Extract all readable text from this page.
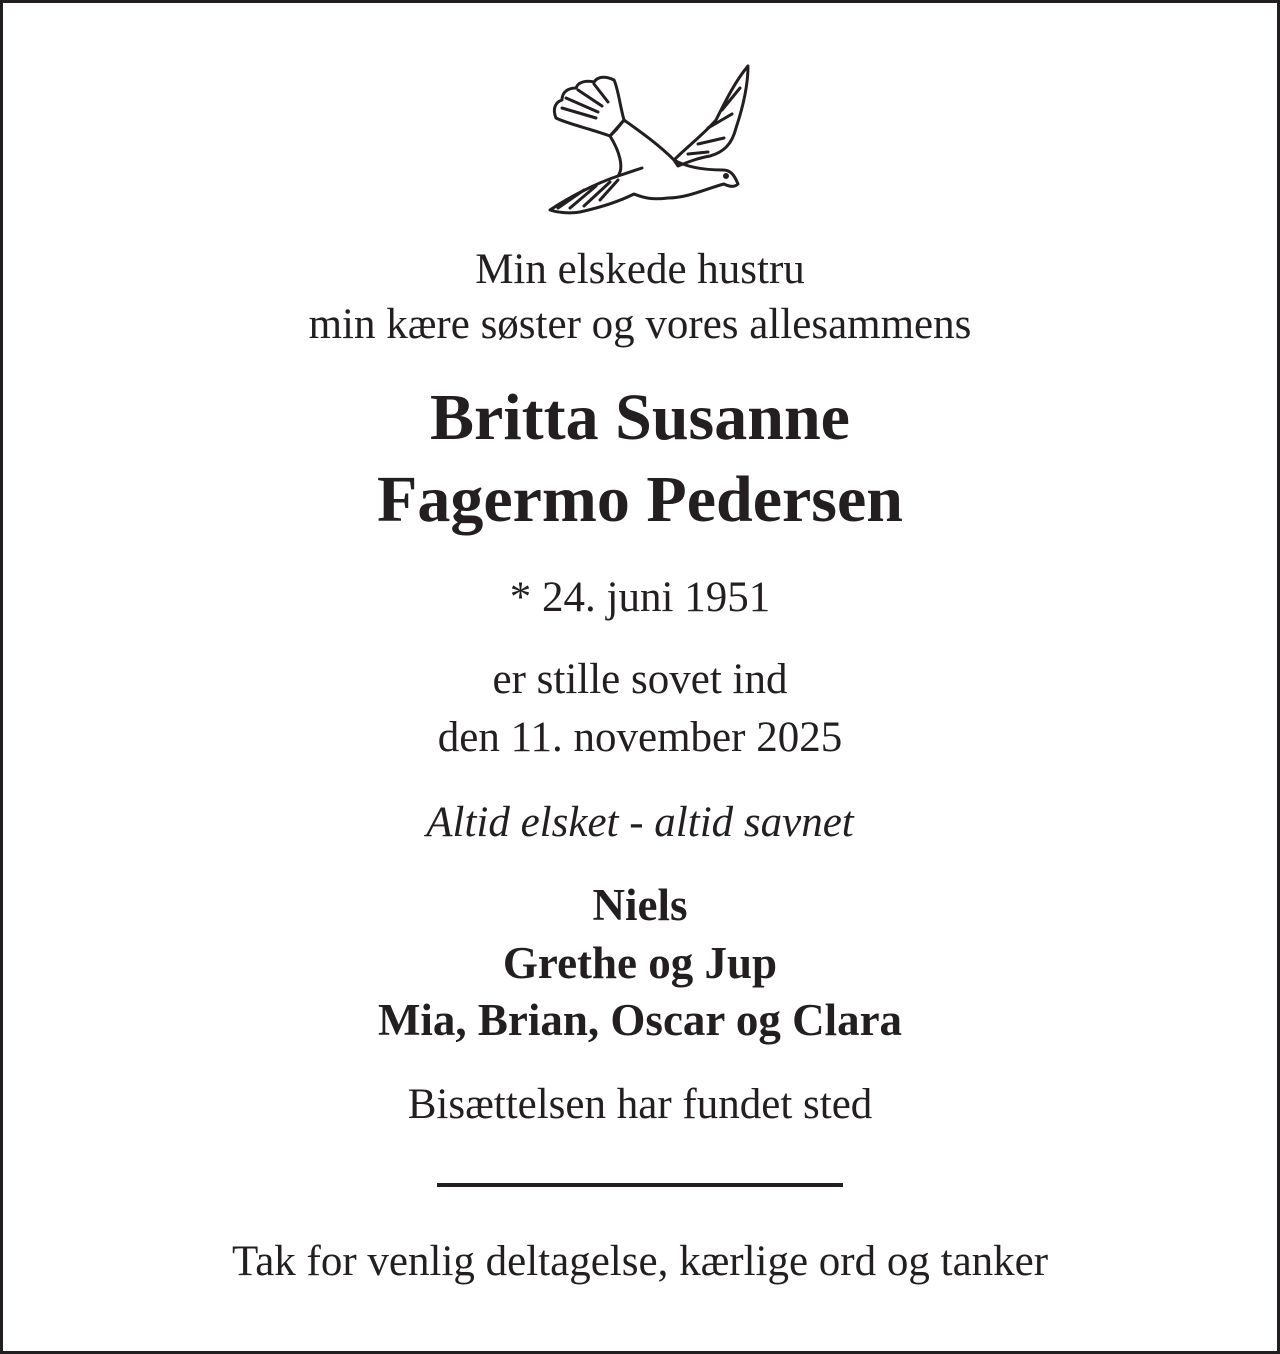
Min elskede hustru
min kære søster og vores allesammens
Britta Susanne
Fagermo Pedersen
* 24. juni 1951
er stille sovet ind
den 11. november 2025
Altid elsket - altid savnet
Niels
Grethe og Jup
Mia, Brian, Oscar og Clara
Bisættelsen har fundet sted
Tak for venlig deltagelse, kærlige ord og tanker
